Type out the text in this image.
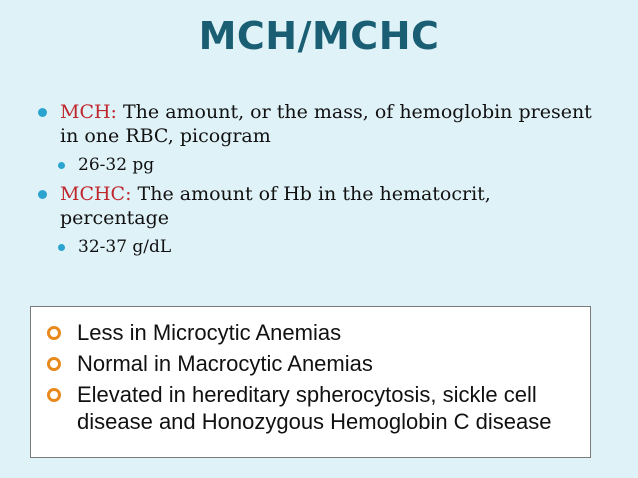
MCH/MCHC
MCH: The amount, or the mass, of hemoglobin present in one RBC, picogram
26-32 pg
MCHC: The amount of Hb in the hematocrit, percentage
32-37 g/dL
Less in Microcytic Anemias
Normal in Macrocytic Anemias
Elevated in hereditary spherocytosis, sickle cell disease and Honozygous Hemoglobin C disease
